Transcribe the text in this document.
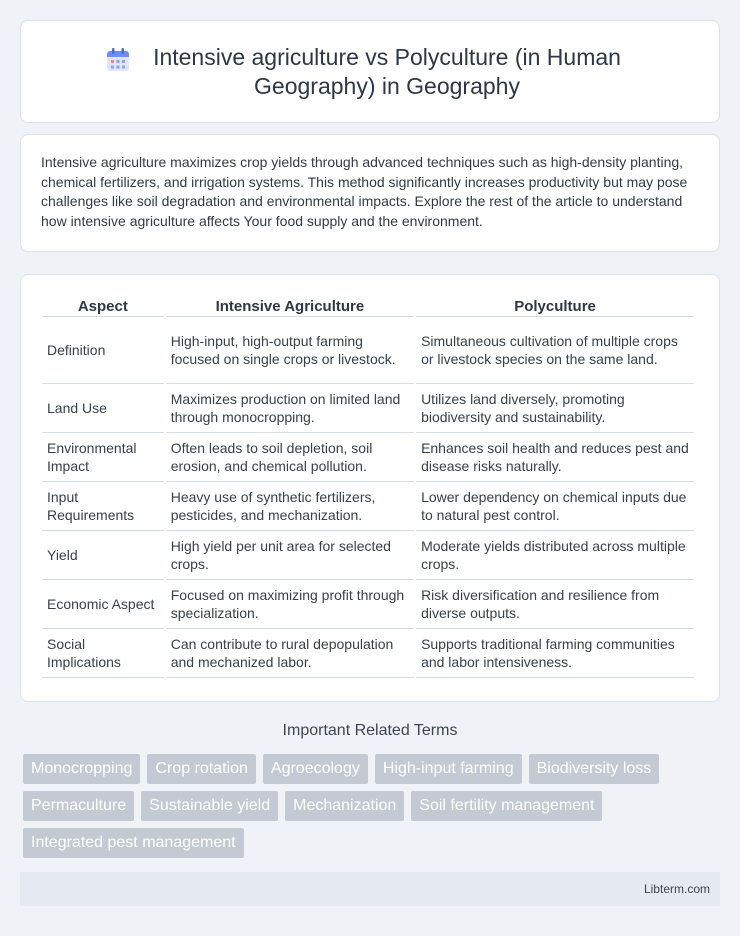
Intensive agriculture vs Polyculture (in Human Geography) in Geography

Intensive agriculture maximizes crop yields through advanced techniques such as high-density planting, chemical fertilizers, and irrigation systems. This method significantly increases productivity but may pose challenges like soil degradation and environmental impacts. Explore the rest of the article to understand how intensive agriculture affects Your food supply and the environment.

Aspect	Intensive Agriculture	Polyculture
Definition	High-input, high-output farming focused on single crops or livestock.	Simultaneous cultivation of multiple crops or livestock species on the same land.
Land Use	Maximizes production on limited land through monocropping.	Utilizes land diversely, promoting biodiversity and sustainability.
Environmental Impact	Often leads to soil depletion, soil erosion, and chemical pollution.	Enhances soil health and reduces pest and disease risks naturally.
Input Requirements	Heavy use of synthetic fertilizers, pesticides, and mechanization.	Lower dependency on chemical inputs due to natural pest control.
Yield	High yield per unit area for selected crops.	Moderate yields distributed across multiple crops.
Economic Aspect	Focused on maximizing profit through specialization.	Risk diversification and resilience from diverse outputs.
Social Implications	Can contribute to rural depopulation and mechanized labor.	Supports traditional farming communities and labor intensiveness.
Important Related Terms
Monocropping	Crop rotation	Agroecology	High-input farming	Biodiversity loss
Permaculture	Sustainable yield	Mechanization	Soil fertility management
Integrated pest management
Libterm.com
